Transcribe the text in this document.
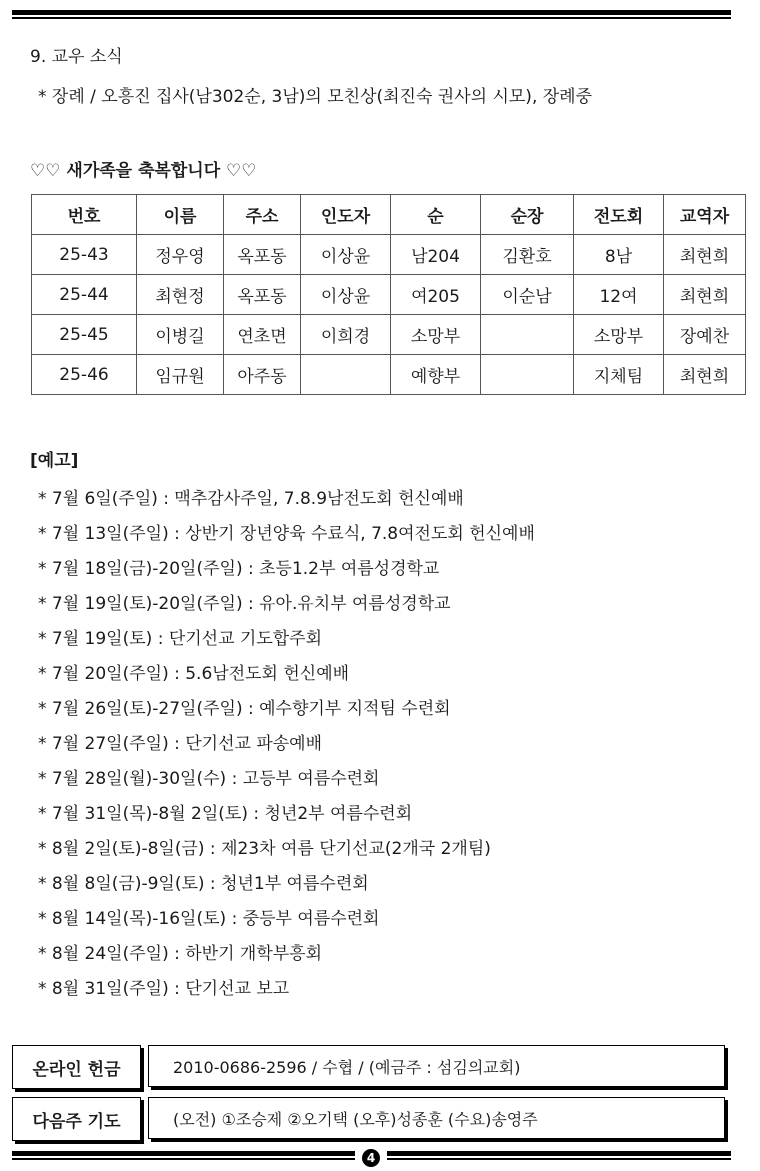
9. 교우 소식
* 장례 / 오흥진 집사(남302순, 3남)의 모친상(최진숙 권사의 시모), 장례중
♡♡ 새가족을 축복합니다 ♡♡
번호	이름	주소	인도자	순	순장	전도회	교역자
25-43	정우영	옥포동	이상윤	남204	김환호	8남	최현희
25-44	최현정	옥포동	이상윤	여205	이순남	12여	최현희
25-45	이병길	연초면	이희경	소망부		소망부	장예찬
25-46	임규원	아주동		예향부		지체팀	최현희
[예고]
* 7월 6일(주일) : 맥추감사주일, 7.8.9남전도회 헌신예배
* 7월 13일(주일) : 상반기 장년양육 수료식, 7.8여전도회 헌신예배
* 7월 18일(금)-20일(주일) : 초등1.2부 여름성경학교
* 7월 19일(토)-20일(주일) : 유아.유치부 여름성경학교
* 7월 19일(토) : 단기선교 기도합주회
* 7월 20일(주일) : 5.6남전도회 헌신예배
* 7월 26일(토)-27일(주일) : 예수향기부 지적팀 수련회
* 7월 27일(주일) : 단기선교 파송예배
* 7월 28일(월)-30일(수) : 고등부 여름수련회
* 7월 31일(목)-8월 2일(토) : 청년2부 여름수련회
* 8월 2일(토)-8일(금) : 제23차 여름 단기선교(2개국 2개팀)
* 8월 8일(금)-9일(토) : 청년1부 여름수련회
* 8월 14일(목)-16일(토) : 중등부 여름수련회
* 8월 24일(주일) : 하반기 개학부흥회
* 8월 31일(주일) : 단기선교 보고
온라인 헌금	2010-0686-2596 / 수협 / (예금주 : 섬김의교회)
다음주 기도	(오전) ①조승제 ②오기택 (오후)성종훈 (수요)송영주
4
